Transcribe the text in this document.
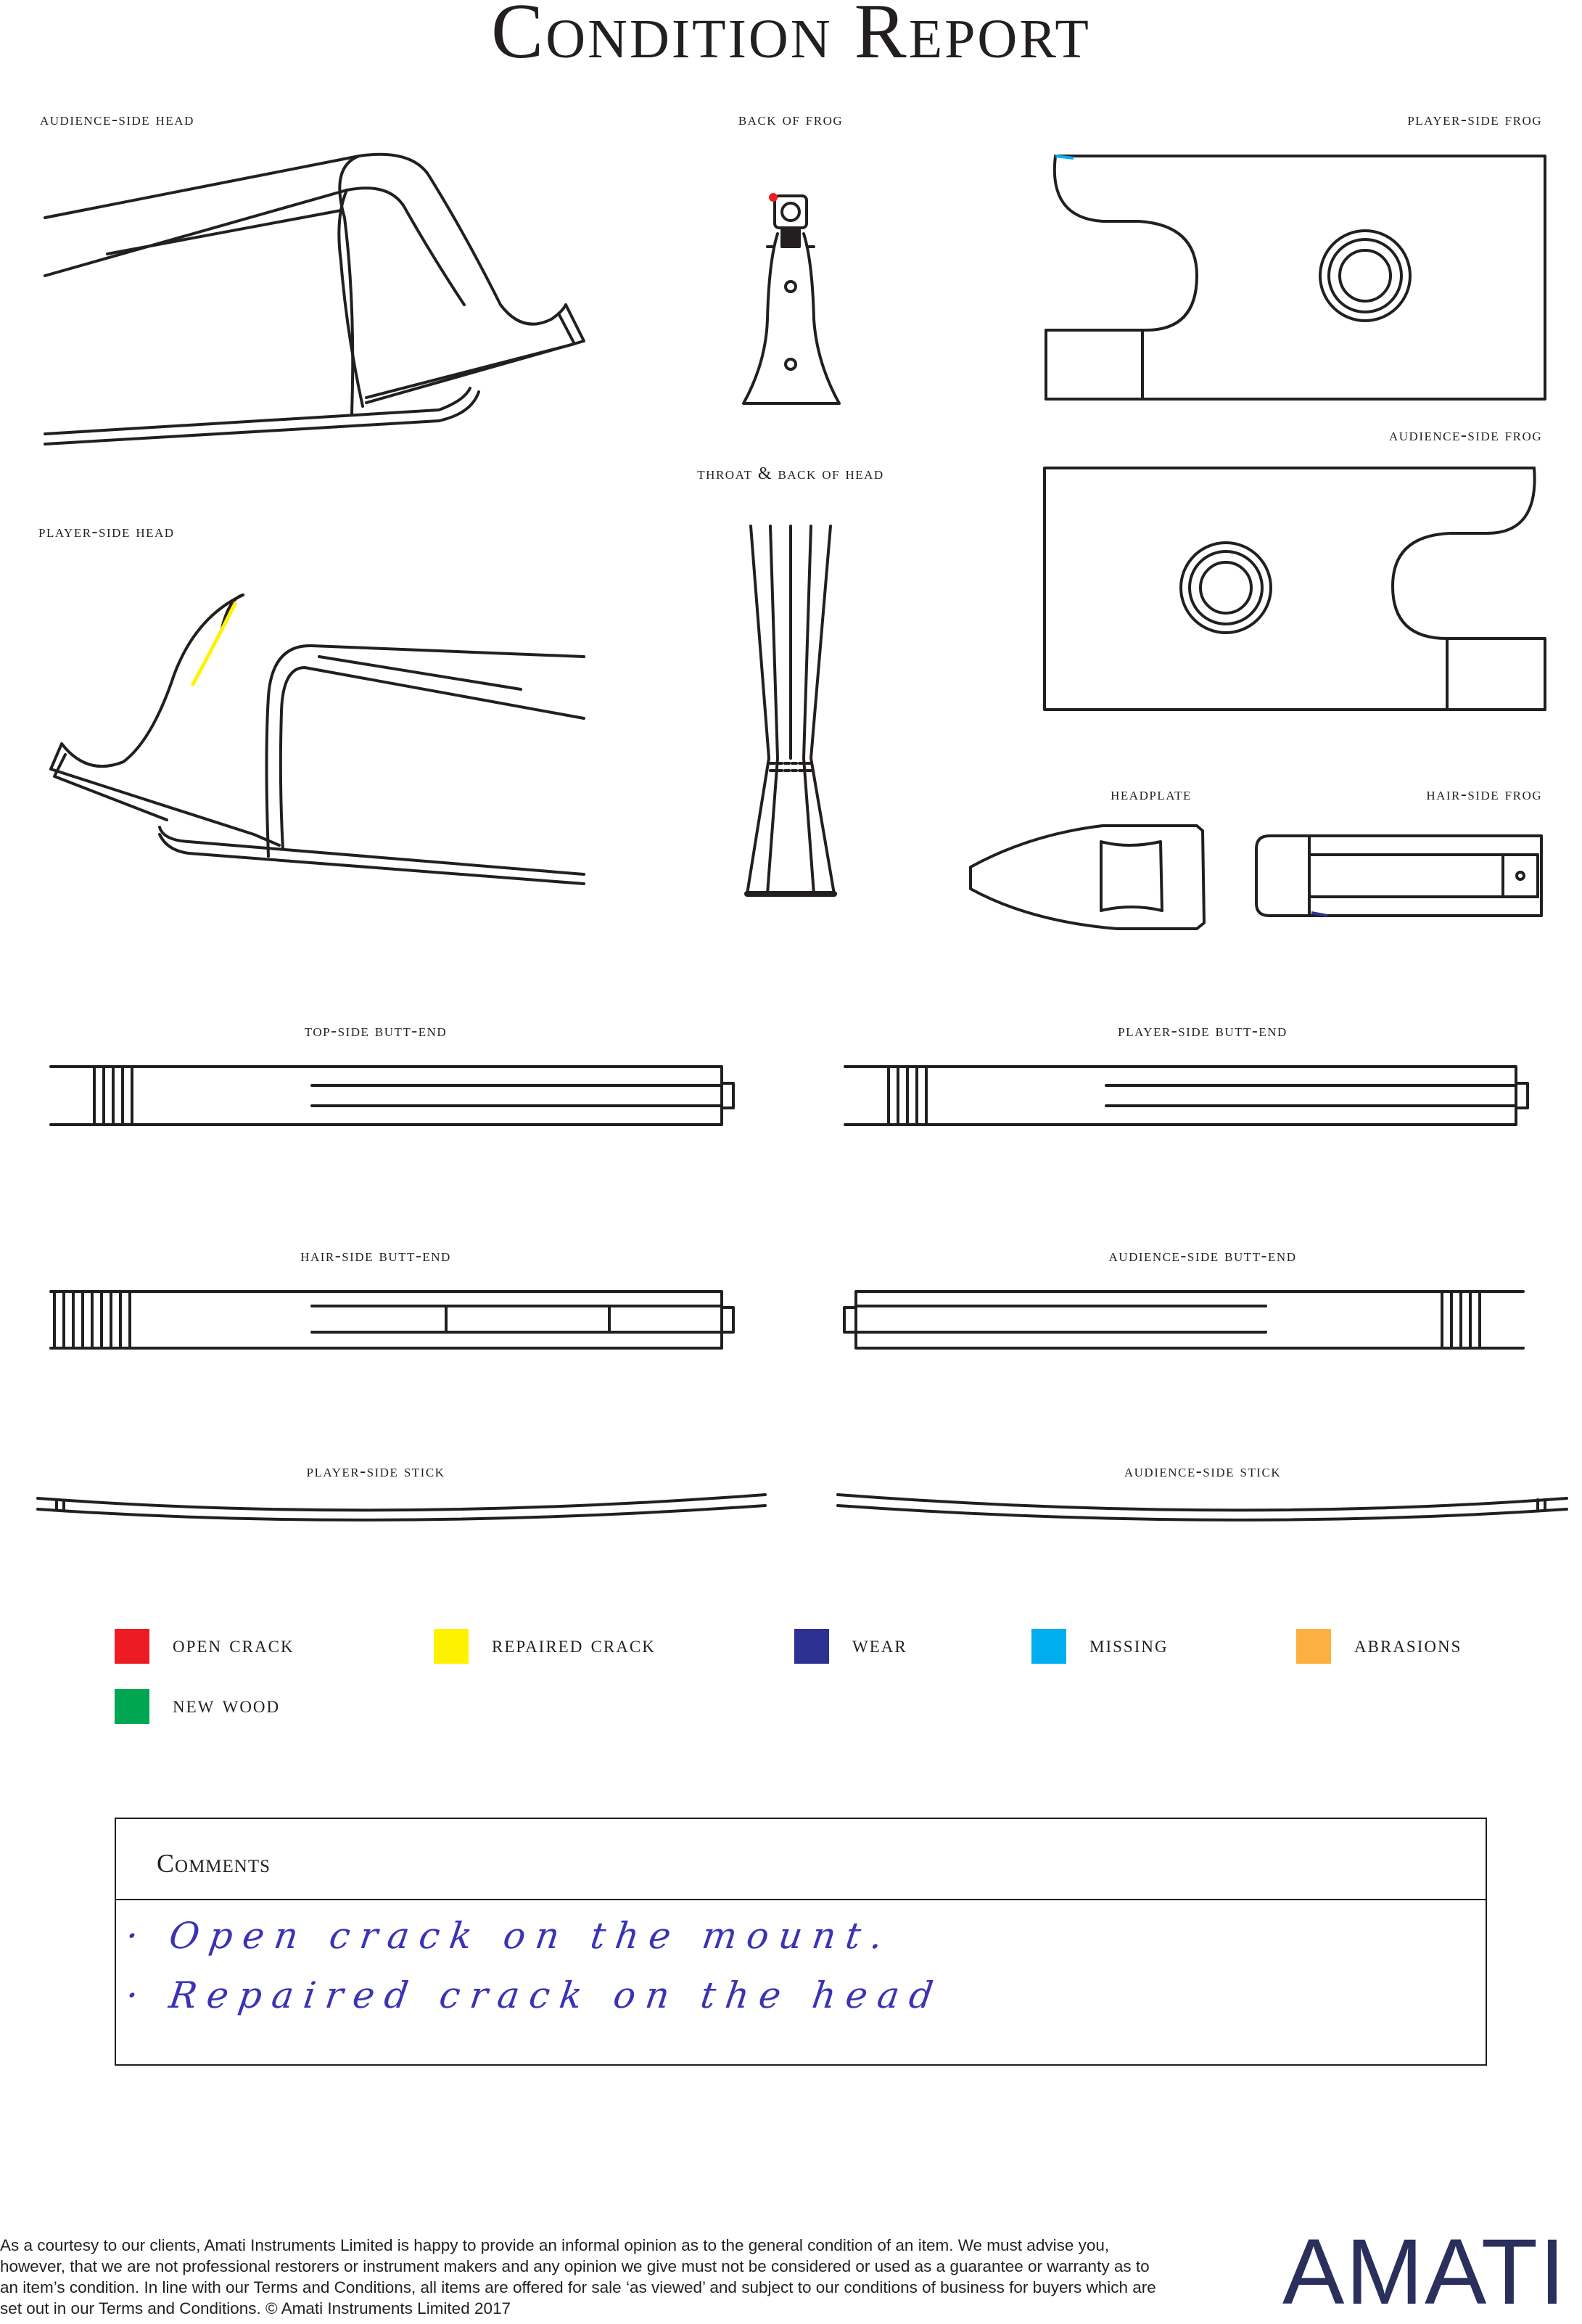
Condition Report
audience-side head	back of frog	player-side frog
audience-side frog
throat & back of head
player-side head
headplate	hair-side frog
top-side butt-end	player-side butt-end
hair-side butt-end	audience-side butt-end
player-side stick	audience-side stick
open crack	repaired crack	wear	missing	abrasions
new wood
Comments
· Open crack on the mount.
· Repaired crack on the head
As a courtesy to our clients, Amati Instruments Limited is happy to provide an informal opinion as to the general condition of an item. We must advise you, however, that we are not professional restorers or instrument makers and any opinion we give must not be considered or used as a guarantee or warranty as to an item’s condition. In line with our Terms and Conditions, all items are offered for sale ‘as viewed’ and subject to our conditions of business for buyers which are set out in our Terms and Conditions. © Amati Instruments Limited 2017	AMATI
